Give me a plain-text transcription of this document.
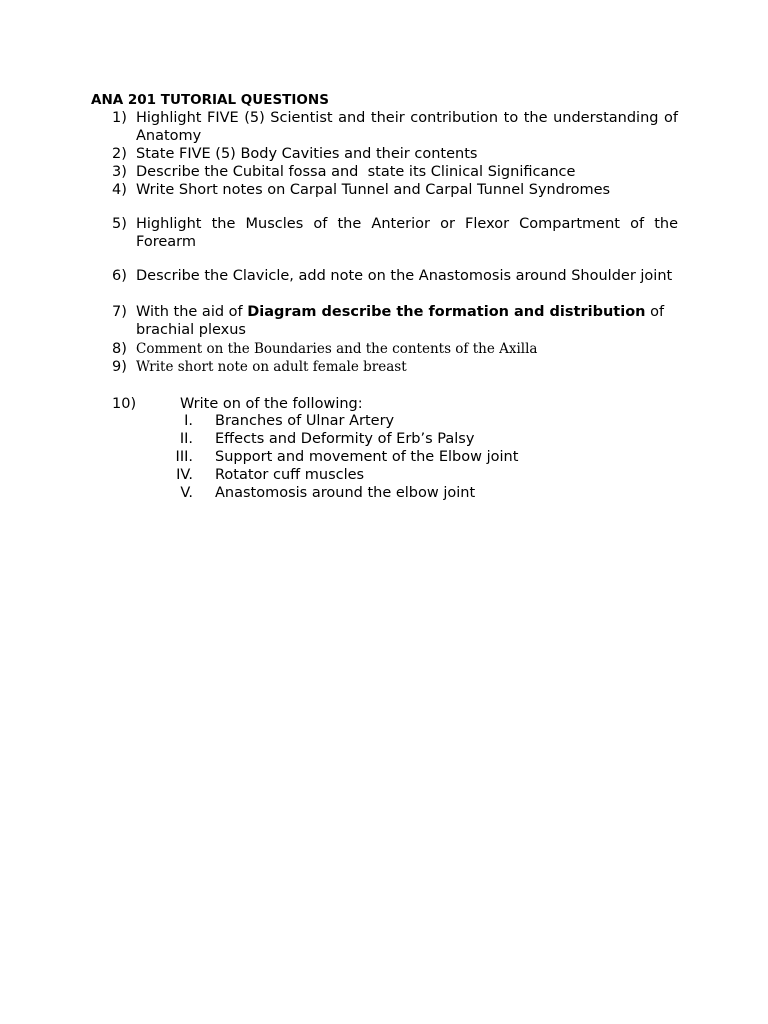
ANA 201 TUTORIAL QUESTIONS
1) Highlight FIVE (5) Scientist and their contribution to the understanding of Anatomy
2) State FIVE (5) Body Cavities and their contents
3) Describe the Cubital fossa and  state its Clinical Significance
4) Write Short notes on Carpal Tunnel and Carpal Tunnel Syndromes
5) Highlight the Muscles of the Anterior or Flexor Compartment of the Forearm
6) Describe the Clavicle, add note on the Anastomosis around Shoulder joint
7) With the aid of Diagram describe the formation and distribution of brachial plexus
8) Comment on the Boundaries and the contents of the Axilla
9) Write short note on adult female breast
10)	Write on of the following:
I. Branches of Ulnar Artery
II. Effects and Deformity of Erb’s Palsy
III. Support and movement of the Elbow joint
IV. Rotator cuff muscles
V. Anastomosis around the elbow joint
